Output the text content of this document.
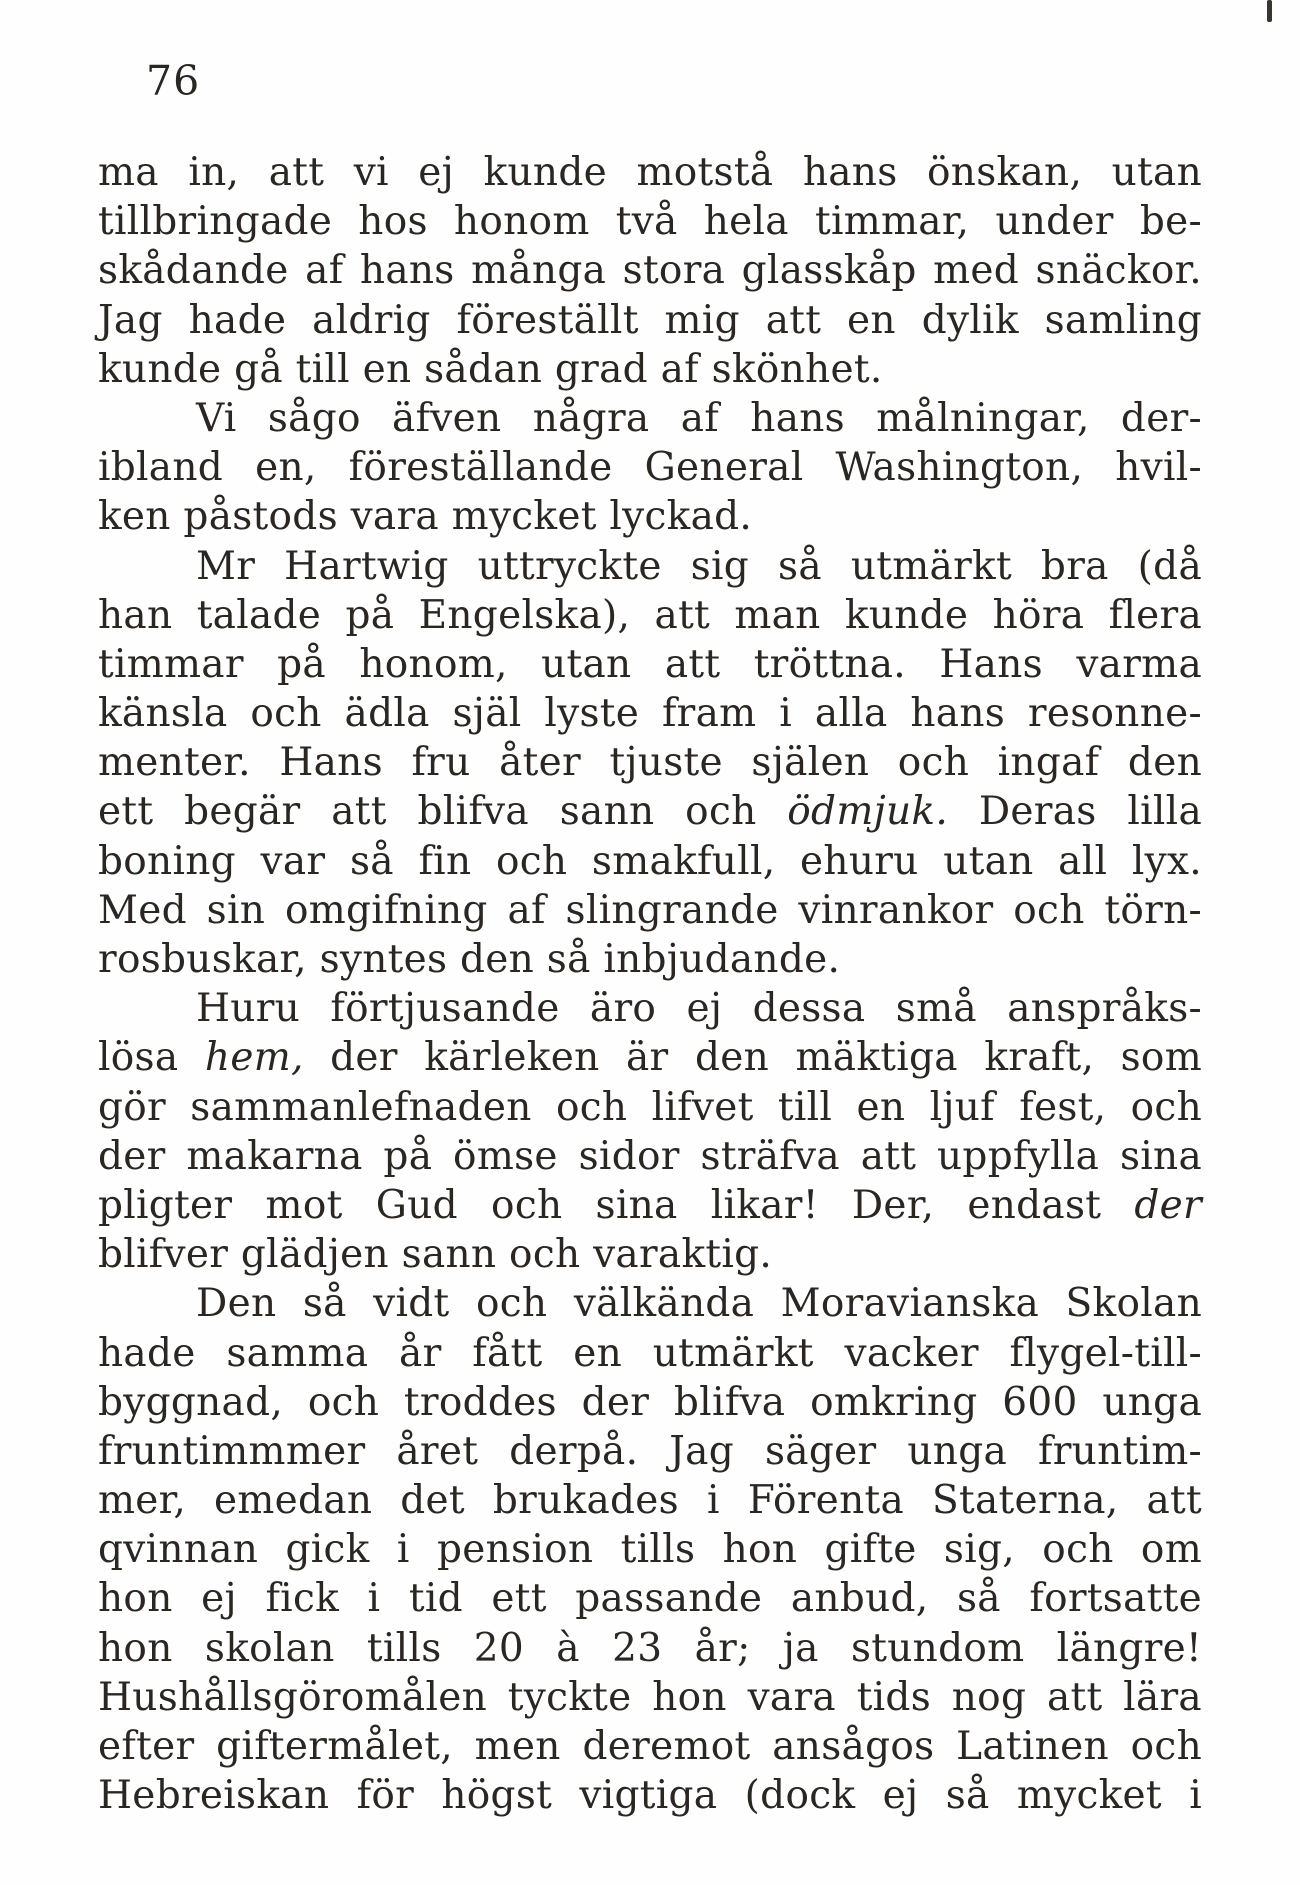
76
ma in, att vi ej kunde motstå hans önskan, utan
tillbringade hos honom två hela timmar, under be-
skådande af hans många stora glasskåp med snäckor.
Jag hade aldrig föreställt mig att en dylik samling
kunde gå till en sådan grad af skönhet.
Vi sågo äfven några af hans målningar, der-
ibland en, föreställande General Washington, hvil-
ken påstods vara mycket lyckad.
Mr Hartwig uttryckte sig så utmärkt bra (då
han talade på Engelska), att man kunde höra flera
timmar på honom, utan att tröttna. Hans varma
känsla och ädla själ lyste fram i alla hans resonne-
menter. Hans fru åter tjuste själen och ingaf den
ett begär att blifva sann och ödmjuk. Deras lilla
boning var så fin och smakfull, ehuru utan all lyx.
Med sin omgifning af slingrande vinrankor och törn-
rosbuskar, syntes den så inbjudande.
Huru förtjusande äro ej dessa små anspråks-
lösa hem, der kärleken är den mäktiga kraft, som
gör sammanlefnaden och lifvet till en ljuf fest, och
der makarna på ömse sidor sträfva att uppfylla sina
pligter mot Gud och sina likar! Der, endast der
blifver glädjen sann och varaktig.
Den så vidt och välkända Moravianska Skolan
hade samma år fått en utmärkt vacker flygel-till-
byggnad, och troddes der blifva omkring 600 unga
fruntimmmer året derpå. Jag säger unga fruntim-
mer, emedan det brukades i Förenta Staterna, att
qvinnan gick i pension tills hon gifte sig, och om
hon ej fick i tid ett passande anbud, så fortsatte
hon skolan tills 20 à 23 år; ja stundom längre!
Hushållsgöromålen tyckte hon vara tids nog att lära
efter giftermålet, men deremot ansågos Latinen och
Hebreiskan för högst vigtiga (dock ej så mycket i
